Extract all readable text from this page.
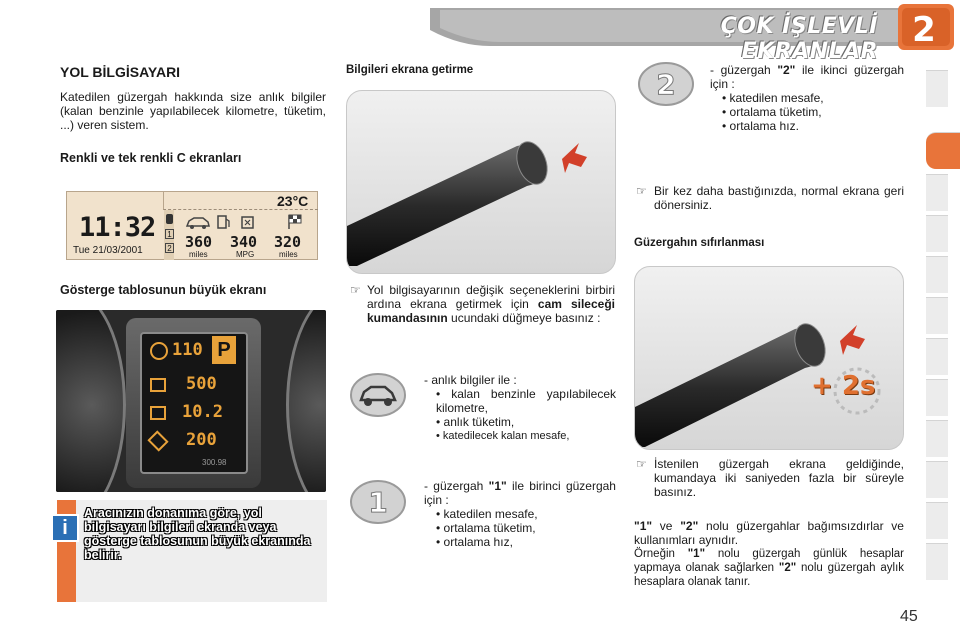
ÇOK İŞLEVLİ EKRANLAR
2
YOL BİLGİSAYARI
Katedilen güzergah hakkında size anlık bilgiler (kalan benzinle yapılabilecek kilometre, tüketim, ...) veren sistem.
Renkli ve tek renkli C ekranları
23°C
11:32
Tue 21/03/2001
1
2 360 340 320
miles	MPG	miles
Gösterge tablosunun büyük ekranı
110 P
500
10.2
200
300.98
i
Aracınızın donanıma göre, yol bilgisayarı bilgileri ekranda veya gösterge tablosunun büyük ekranında belirir.
Bilgileri ekrana getirme
☞ Yol bilgisayarının değişik seçeneklerini birbiri ardına ekrana getirmek için cam sileceği kumandasının ucundaki düğmeye basınız :
- anlık bilgiler ile :
• kalan benzinle yapılabilecek kilometre,
• anlık tüketim,
• katedilecek kalan mesafe,
1	- güzergah "1" ile birinci güzergah için :
• katedilen mesafe,
• ortalama tüketim,
• ortalama hız,
2	- güzergah "2" ile ikinci güzergah için :
• katedilen mesafe,
• ortalama tüketim,
• ortalama hız.
☞ Bir kez daha bastığınızda, normal ekrana geri dönersiniz.
Güzergahın sıfırlanması
+ 2s
☞ İstenilen güzergah ekrana geldiğinde, kumandaya iki saniyeden fazla bir süreyle basınız.
"1" ve "2" nolu güzergahlar bağımsızdırlar ve kullanımları aynıdır.
Örneğin "1" nolu güzergah günlük hesaplar yapmaya olanak sağlarken "2" nolu güzergah aylık hesaplara olanak tanır.
45
